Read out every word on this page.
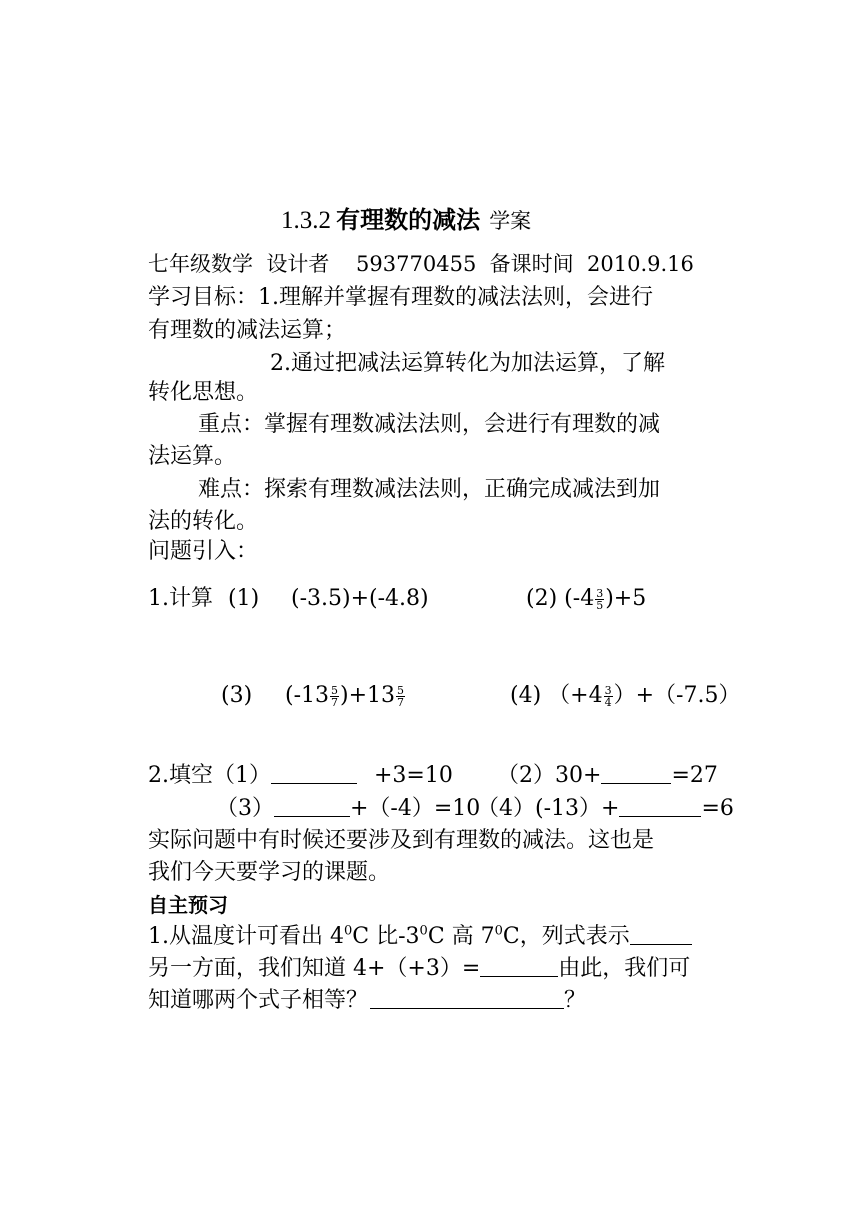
1.3.2 有理数的减法 学案
七年级数学  设计者    593770455  备课时间  2010.9.16
学习目标：1.理解并掌握有理数的减法法则，会进行
有理数的减法运算；
2.通过把减法运算转化为加法运算，了解
转化思想。
重点：掌握有理数减法法则，会进行有理数的减
法运算。
难点：探索有理数减法法则，正确完成减法到加
法的转化。
问题引入：
1.计算 (1) (-3.5)+(-4.8)	(2) $(-4 \frac{3}{5} )+5$
(3) $(-13 \frac{5}{7} )+13 \frac{5}{7}$	(4) $(+4 \frac{3}{4} )+(-7.5)$
2.填空（1）	+3=10 （2）30+	=27
（3）	+（-4）=10
（4）(-13）+	=6
实际问题中有时候还要涉及到有理数的减法。这也是
我们今天要学习的课题。
自主预习
1.从温度计可看出 $4^0C$ 比$-3^0C$ 高 $7^0C$，列式表示
另一方面，我们知道 4+（+3）=	由此，我们可
知道哪两个式子相等？	？
